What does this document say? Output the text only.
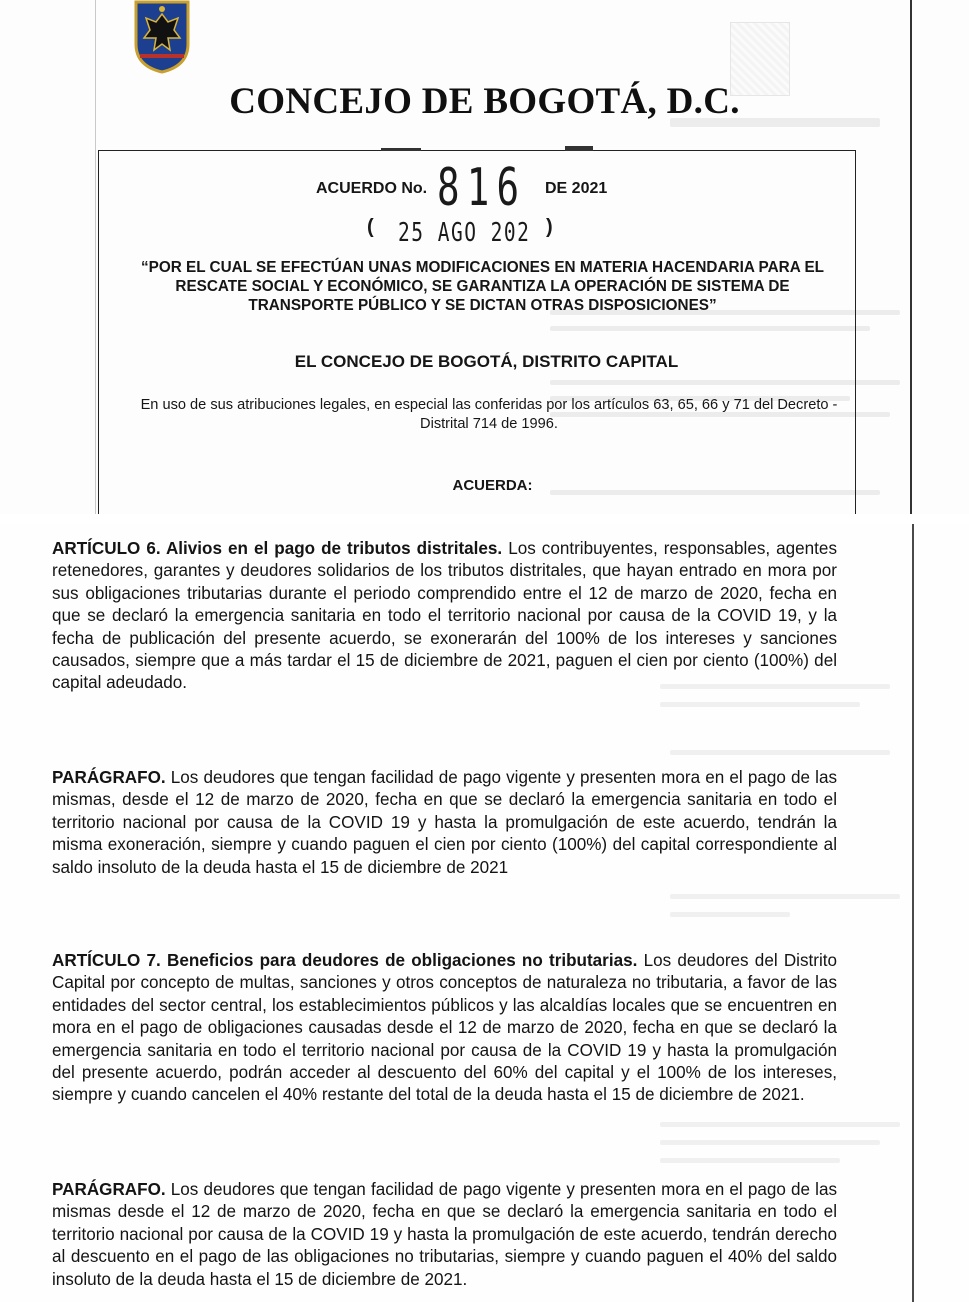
CONCEJO DE BOGOTÁ, D.C.
ACUERDO No. 816 DE 2021
( 25 AGO 202 )
“POR EL CUAL SE EFECTÚAN UNAS MODIFICACIONES EN MATERIA HACENDARIA PARA EL RESCATE SOCIAL Y ECONÓMICO, SE GARANTIZA LA OPERACIÓN DE SISTEMA DE TRANSPORTE PÚBLICO Y SE DICTAN OTRAS DISPOSICIONES”
EL CONCEJO DE BOGOTÁ, DISTRITO CAPITAL
En uso de sus atribuciones legales, en especial las conferidas por los artículos 63, 65, 66 y 71 del Decreto -Distrital 714 de 1996.
ACUERDA:

ARTÍCULO 6. Alivios en el pago de tributos distritales. Los contribuyentes, responsables, agentes retenedores, garantes y deudores solidarios de los tributos distritales, que hayan entrado en mora por sus obligaciones tributarias durante el periodo comprendido entre el 12 de marzo de 2020, fecha en que se declaró la emergencia sanitaria en todo el territorio nacional por causa de la COVID 19, y la fecha de publicación del presente acuerdo, se exonerarán del 100% de los intereses y sanciones causados, siempre que a más tardar el 15 de diciembre de 2021, paguen el cien por ciento (100%) del capital adeudado.

PARÁGRAFO. Los deudores que tengan facilidad de pago vigente y presenten mora en el pago de las mismas, desde el 12 de marzo de 2020, fecha en que se declaró la emergencia sanitaria en todo el territorio nacional por causa de la COVID 19 y hasta la promulgación de este acuerdo, tendrán la misma exoneración, siempre y cuando paguen el cien por ciento (100%) del capital correspondiente al saldo insoluto de la deuda hasta el 15 de diciembre de 2021

ARTÍCULO 7. Beneficios para deudores de obligaciones no tributarias. Los deudores del Distrito Capital por concepto de multas, sanciones y otros conceptos de naturaleza no tributaria, a favor de las entidades del sector central, los establecimientos públicos y las alcaldías locales que se encuentren en mora en el pago de obligaciones causadas desde el 12 de marzo de 2020, fecha en que se declaró la emergencia sanitaria en todo el territorio nacional por causa de la COVID 19 y hasta la promulgación del presente acuerdo, podrán acceder al descuento del 60% del capital y el 100% de los intereses, siempre y cuando cancelen el 40% restante del total de la deuda hasta el 15 de diciembre de 2021.

PARÁGRAFO. Los deudores que tengan facilidad de pago vigente y presenten mora en el pago de las mismas desde el 12 de marzo de 2020, fecha en que se declaró la emergencia sanitaria en todo el territorio nacional por causa de la COVID 19 y hasta la promulgación de este acuerdo, tendrán derecho al descuento en el pago de las obligaciones no tributarias, siempre y cuando paguen el 40% del saldo insoluto de la deuda hasta el 15 de diciembre de 2021.
